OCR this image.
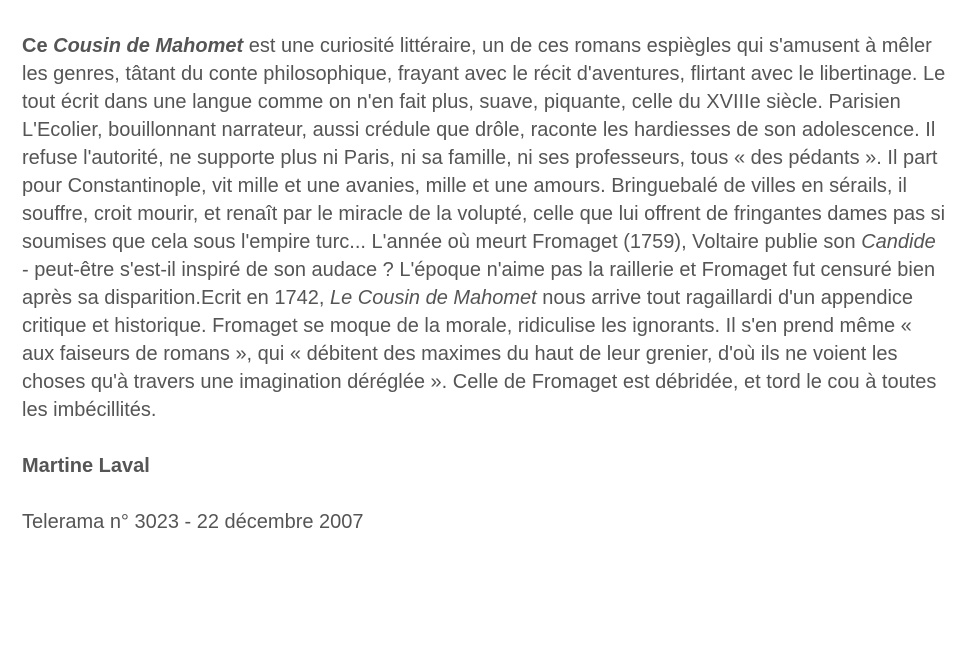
Ce Cousin de Mahomet est une curiosité littéraire, un de ces romans espiègles qui s'amusent à mêler les genres, tâtant du conte philosophique, frayant avec le récit d'aventures, flirtant avec le libertinage. Le tout écrit dans une langue comme on n'en fait plus, suave, piquante, celle du XVIIIe siècle. Parisien L'Ecolier, bouillonnant narrateur, aussi crédule que drôle, raconte les hardiesses de son adolescence. Il refuse l'autorité, ne supporte plus ni Paris, ni sa famille, ni ses professeurs, tous « des pédants ». Il part pour Constantinople, vit mille et une avanies, mille et une amours. Bringuebalé de villes en sérails, il souffre, croit mourir, et renaît par le miracle de la volupté, celle que lui offrent de fringantes dames pas si soumises que cela sous l'empire turc... L'année où meurt Fromaget (1759), Voltaire publie son Candide - peut-être s'est-il inspiré de son audace ? L'époque n'aime pas la raillerie et Fromaget fut censuré bien après sa disparition.Ecrit en 1742, Le Cousin de Mahomet nous arrive tout ragaillardi d'un appendice critique et historique. Fromaget se moque de la morale, ridiculise les ignorants. Il s'en prend même « aux faiseurs de romans », qui « débitent des maximes du haut de leur grenier, d'où ils ne voient les choses qu'à travers une imagination déréglée ». Celle de Fromaget est débridée, et tord le cou à toutes les imbécillités.

Martine Laval

Telerama n° 3023 - 22 décembre 2007
